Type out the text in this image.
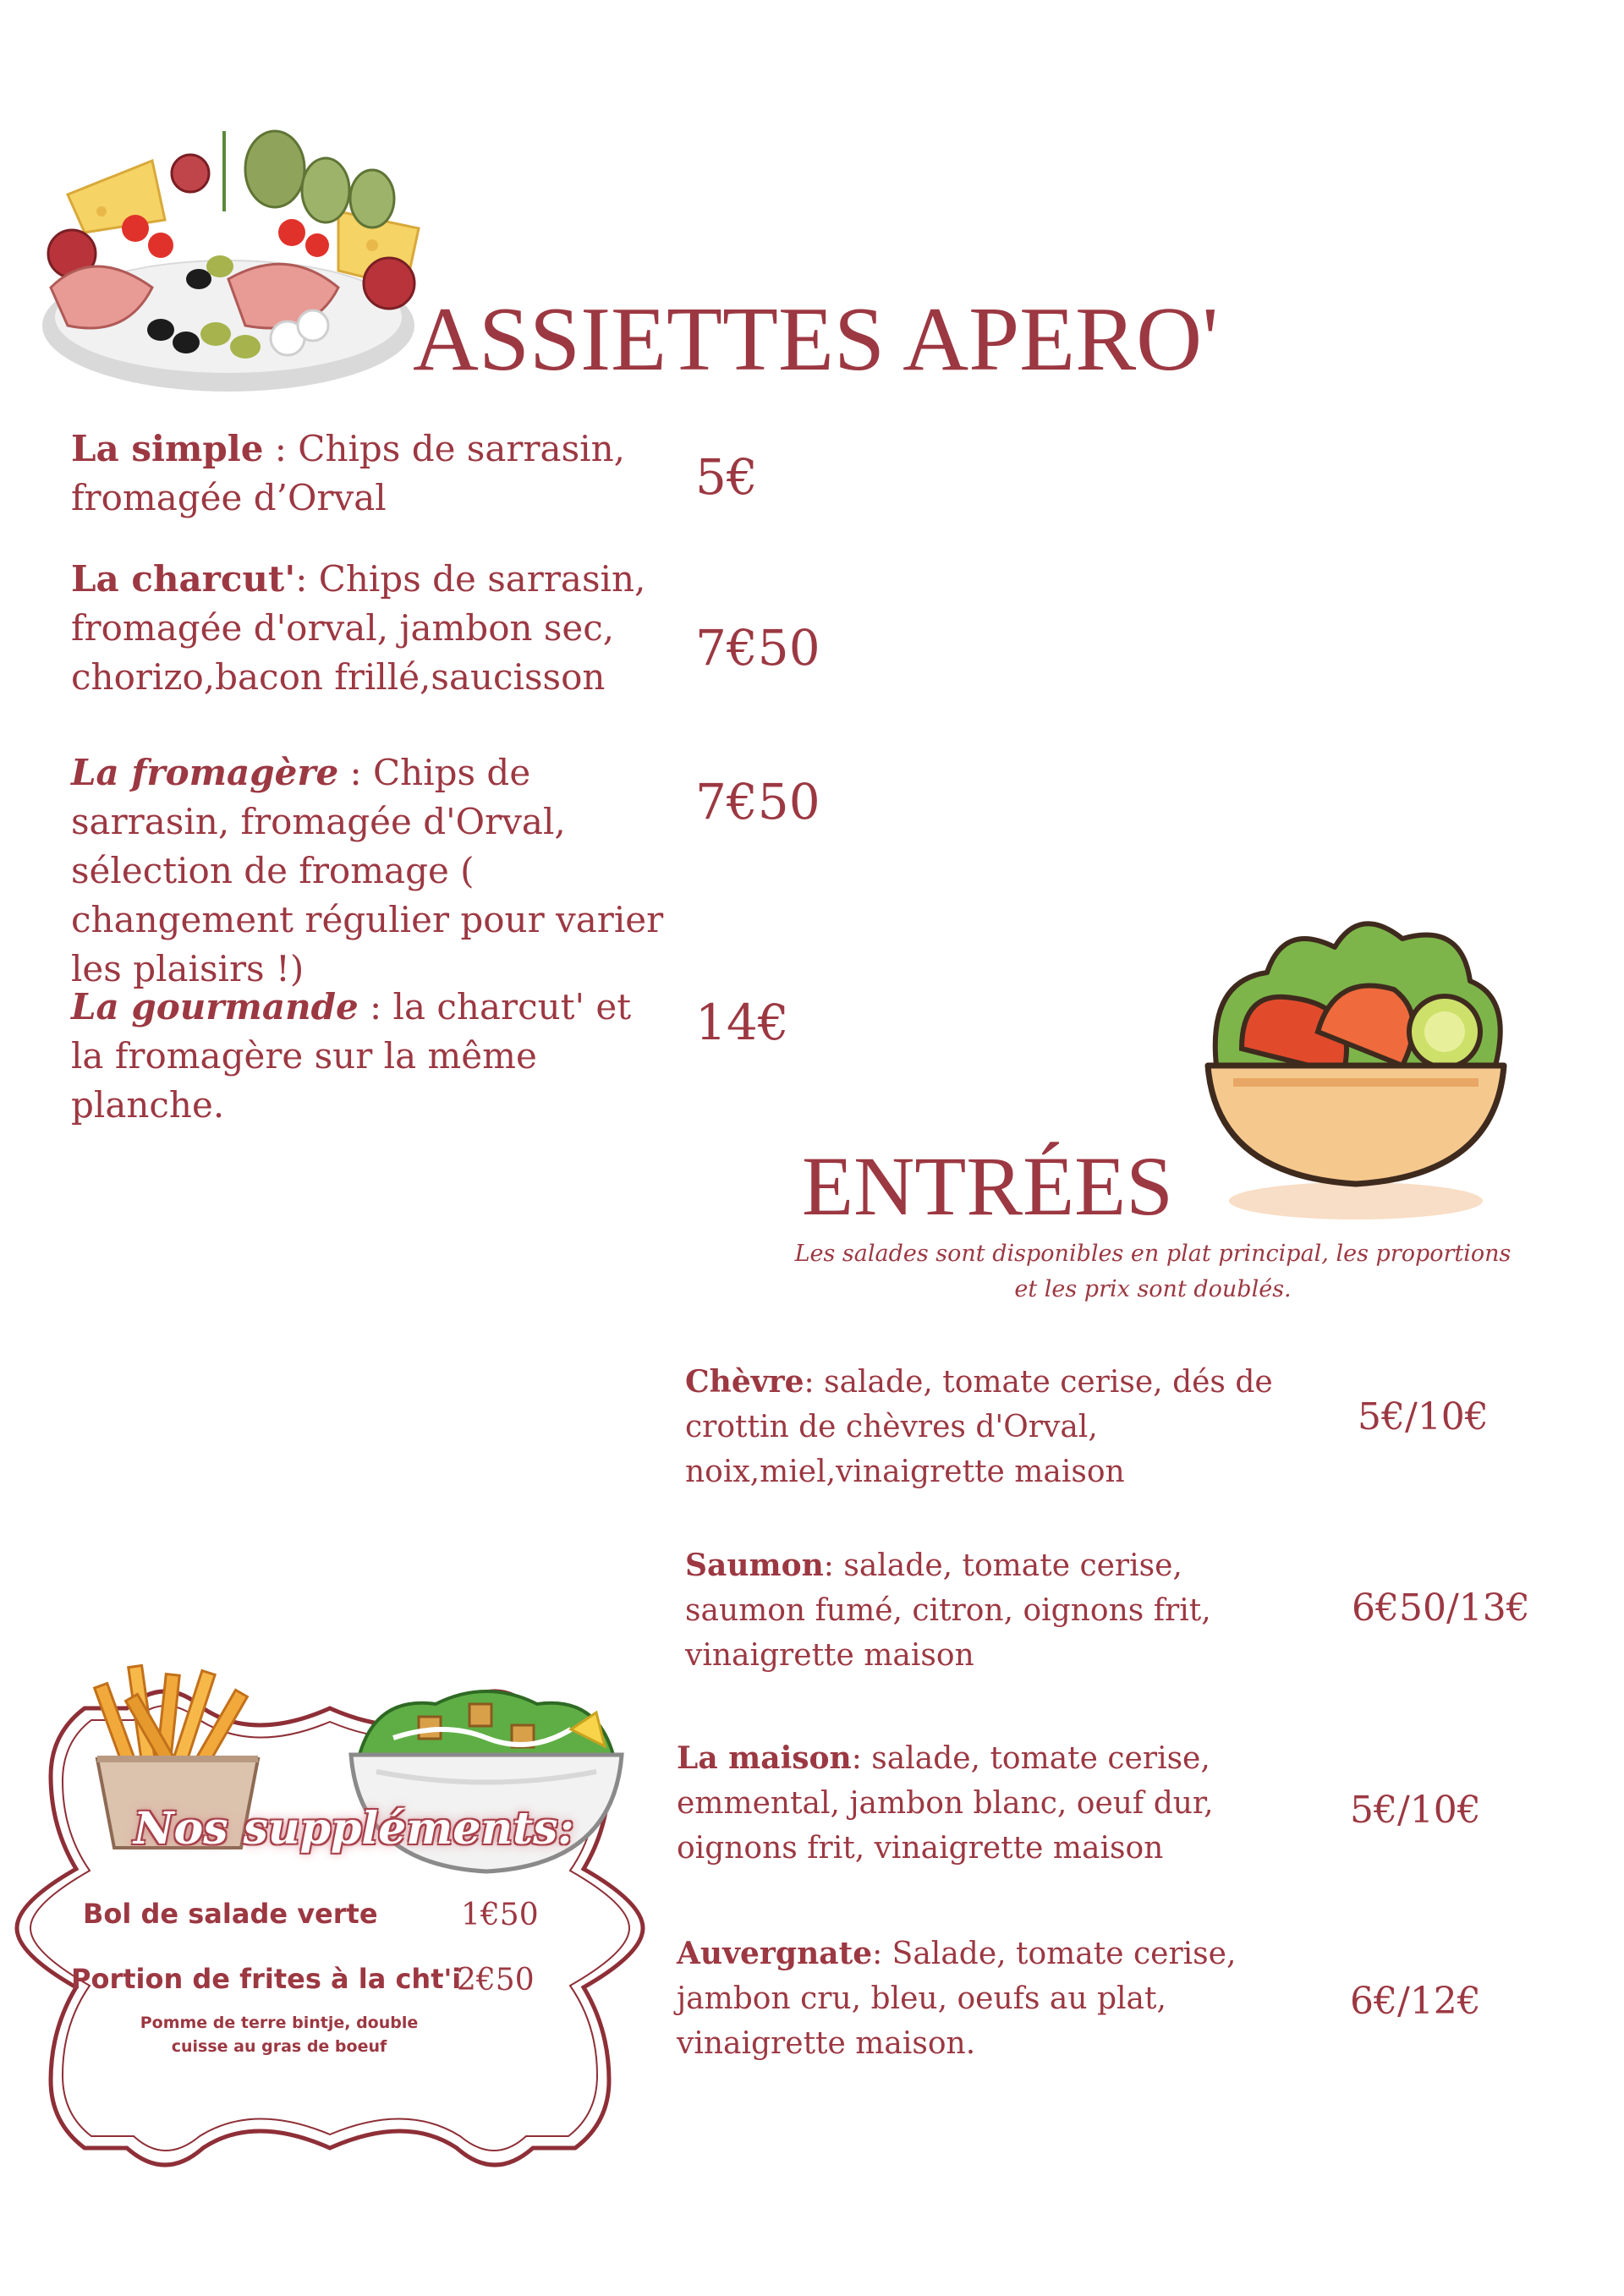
ASSIETTES APERO'
La simple : Chips de sarrasin, fromagée d’Orval	5€
La charcut': Chips de sarrasin, fromagée d'orval, jambon sec, chorizo,bacon frillé,saucisson
7€50
La fromagère : Chips de sarrasin, fromagée d'Orval, sélection de fromage ( changement régulier pour varier les plaisirs !)
7€50
La gourmande : la charcut' et la fromagère sur la même planche.
14€
ENTRÉES
Les salades sont disponibles en plat principal, les proportions et les prix sont doublés.
Chèvre: salade, tomate cerise, dés de crottin de chèvres d'Orval, noix,miel,vinaigrette maison
5€/10€
Saumon: salade, tomate cerise, saumon fumé, citron, oignons frit, vinaigrette maison
6€50/13€
La maison: salade, tomate cerise, emmental, jambon blanc, oeuf dur, oignons frit, vinaigrette maison
5€/10€
Auvergnate: Salade, tomate cerise, jambon cru, bleu, oeufs au plat, vinaigrette maison.
6€/12€
Nos suppléments:
Bol de salade verte	1€50
Portion de frites à la cht'i
2€50
Pomme de terre bintje, double cuisse au gras de boeuf
